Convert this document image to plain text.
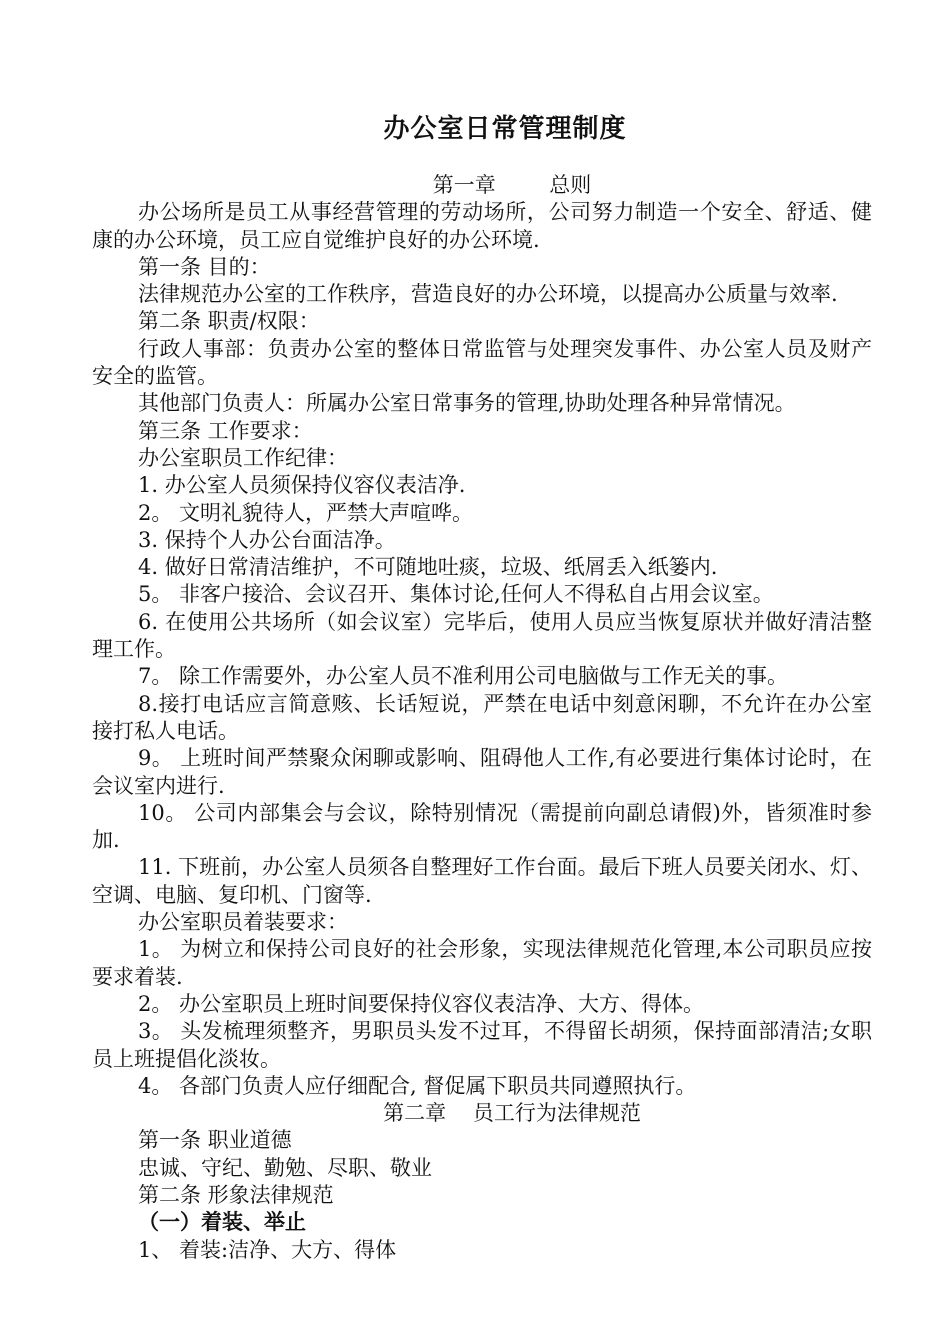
办公室日常管理制度
第一章        总则

办公场所是员工从事经营管理的劳动场所，公司努力制造一个安全、舒适、健康的办公环境，员工应自觉维护良好的办公环境.

第一条 目的：

法律规范办公室的工作秩序，营造良好的办公环境，以提高办公质量与效率.

第二条 职责/权限：

行政人事部：负责办公室的整体日常监管与处理突发事件、办公室人员及财产安全的监管。

其他部门负责人：所属办公室日常事务的管理,协助处理各种异常情况。

第三条 工作要求：

办公室职员工作纪律：

1. 办公室人员须保持仪容仪表洁净.

2。 文明礼貌待人，严禁大声喧哗。

3. 保持个人办公台面洁净。

4. 做好日常清洁维护，不可随地吐痰，垃圾、纸屑丢入纸篓内.

5。 非客户接洽、会议召开、集体讨论,任何人不得私自占用会议室。

6. 在使用公共场所（如会议室）完毕后，使用人员应当恢复原状并做好清洁整理工作。

7。 除工作需要外，办公室人员不准利用公司电脑做与工作无关的事。

8.接打电话应言简意赅、长话短说，严禁在电话中刻意闲聊，不允许在办公室接打私人电话。

9。 上班时间严禁聚众闲聊或影响、阻碍他人工作,有必要进行集体讨论时，在会议室内进行.

10。 公司内部集会与会议，除特别情况（需提前向副总请假)外，皆须准时参加.

11. 下班前，办公室人员须各自整理好工作台面。最后下班人员要关闭水、灯、空调、电脑、复印机、门窗等.

办公室职员着装要求：

1。 为树立和保持公司良好的社会形象，实现法律规范化管理,本公司职员应按要求着装.

2。 办公室职员上班时间要保持仪容仪表洁净、大方、得体。

3。 头发梳理须整齐，男职员头发不过耳，不得留长胡须，保持面部清洁;女职员上班提倡化淡妆。

4。 各部门负责人应仔细配合, 督促属下职员共同遵照执行。

第二章    员工行为法律规范

第一条 职业道德

忠诚、守纪、勤勉、尽职、敬业

第二条 形象法律规范

（一）着装、举止

1、 着装:洁净、大方、得体
